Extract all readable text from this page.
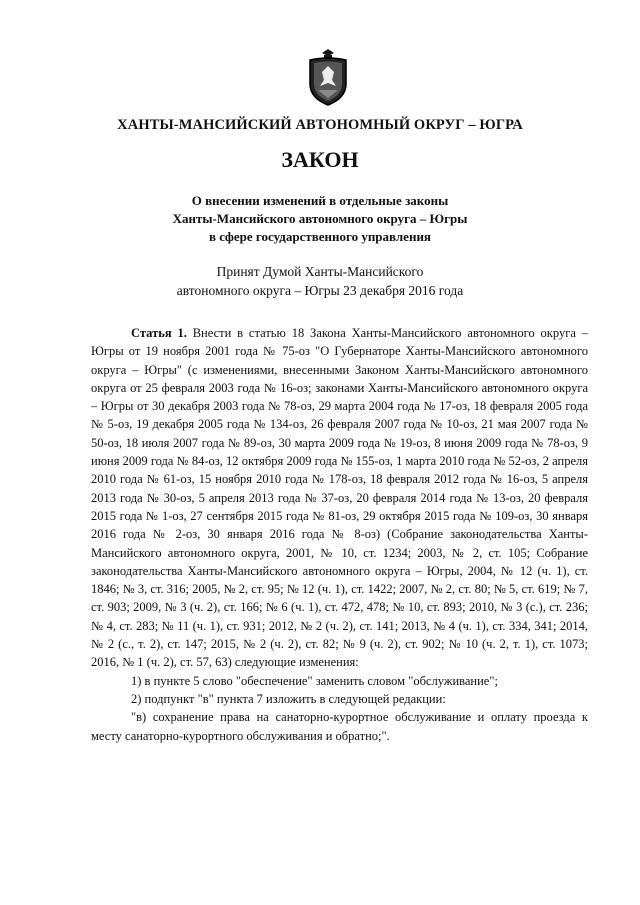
ХАНТЫ-МАНСИЙСКИЙ АВТОНОМНЫЙ ОКРУГ – ЮГРА
ЗАКОН
О внесении изменений в отдельные законы
Ханты-Мансийского автономного округа – Югры
в сфере государственного управления
Принят Думой Ханты-Мансийского
автономного округа – Югры 23 декабря 2016 года

Статья 1. Внести в статью 18 Закона Ханты-Мансийского автономного округа – Югры от 19 ноября 2001 года № 75-оз "О Губернаторе Ханты-Мансийского автономного округа – Югры" (с изменениями, внесенными Законом Ханты-Мансийского автономного округа от 25 февраля 2003 года № 16-оз; законами Ханты-Мансийского автономного округа – Югры от 30 декабря 2003 года № 78-оз, 29 марта 2004 года № 17-оз, 18 февраля 2005 года № 5-оз, 19 декабря 2005 года № 134-оз, 26 февраля 2007 года № 10-оз, 21 мая 2007 года № 50-оз, 18 июля 2007 года № 89-оз, 30 марта 2009 года № 19-оз, 8 июня 2009 года № 78-оз, 9 июня 2009 года № 84-оз, 12 октября 2009 года № 155-оз, 1 марта 2010 года № 52-оз, 2 апреля 2010 года № 61-оз, 15 ноября 2010 года № 178-оз, 18 февраля 2012 года № 16-оз, 5 апреля 2013 года № 30-оз, 5 апреля 2013 года № 37-оз, 20 февраля 2014 года № 13-оз, 20 февраля 2015 года № 1-оз, 27 сентября 2015 года № 81-оз, 29 октября 2015 года № 109-оз, 30 января 2016 года № 2-оз, 30 января 2016 года № 8-оз) (Собрание законодательства Ханты-Мансийского автономного округа, 2001, № 10, ст. 1234; 2003, № 2, ст. 105; Собрание законодательства Ханты-Мансийского автономного округа – Югры, 2004, № 12 (ч. 1), ст. 1846; № 3, ст. 316; 2005, № 2, ст. 95; № 12 (ч. 1), ст. 1422; 2007, № 2, ст. 80; № 5, ст. 619; № 7, ст. 903; 2009, № 3 (ч. 2), ст. 166; № 6 (ч. 1), ст. 472, 478; № 10, ст. 893; 2010, № 3 (с.), ст. 236; № 4, ст. 283; № 11 (ч. 1), ст. 931; 2012, № 2 (ч. 2), ст. 141; 2013, № 4 (ч. 1), ст. 334, 341; 2014, № 2 (с., т. 2), ст. 147; 2015, № 2 (ч. 2), ст. 82; № 9 (ч. 2), ст. 902; № 10 (ч. 2, т. 1), ст. 1073; 2016, № 1 (ч. 2), ст. 57, 63) следующие изменения:

1) в пункте 5 слово "обеспечение" заменить словом "обслуживание";

2) подпункт "в" пункта 7 изложить в следующей редакции:

"в) сохранение права на санаторно-курортное обслуживание и оплату проезда к месту санаторно-курортного обслуживания и обратно;".
